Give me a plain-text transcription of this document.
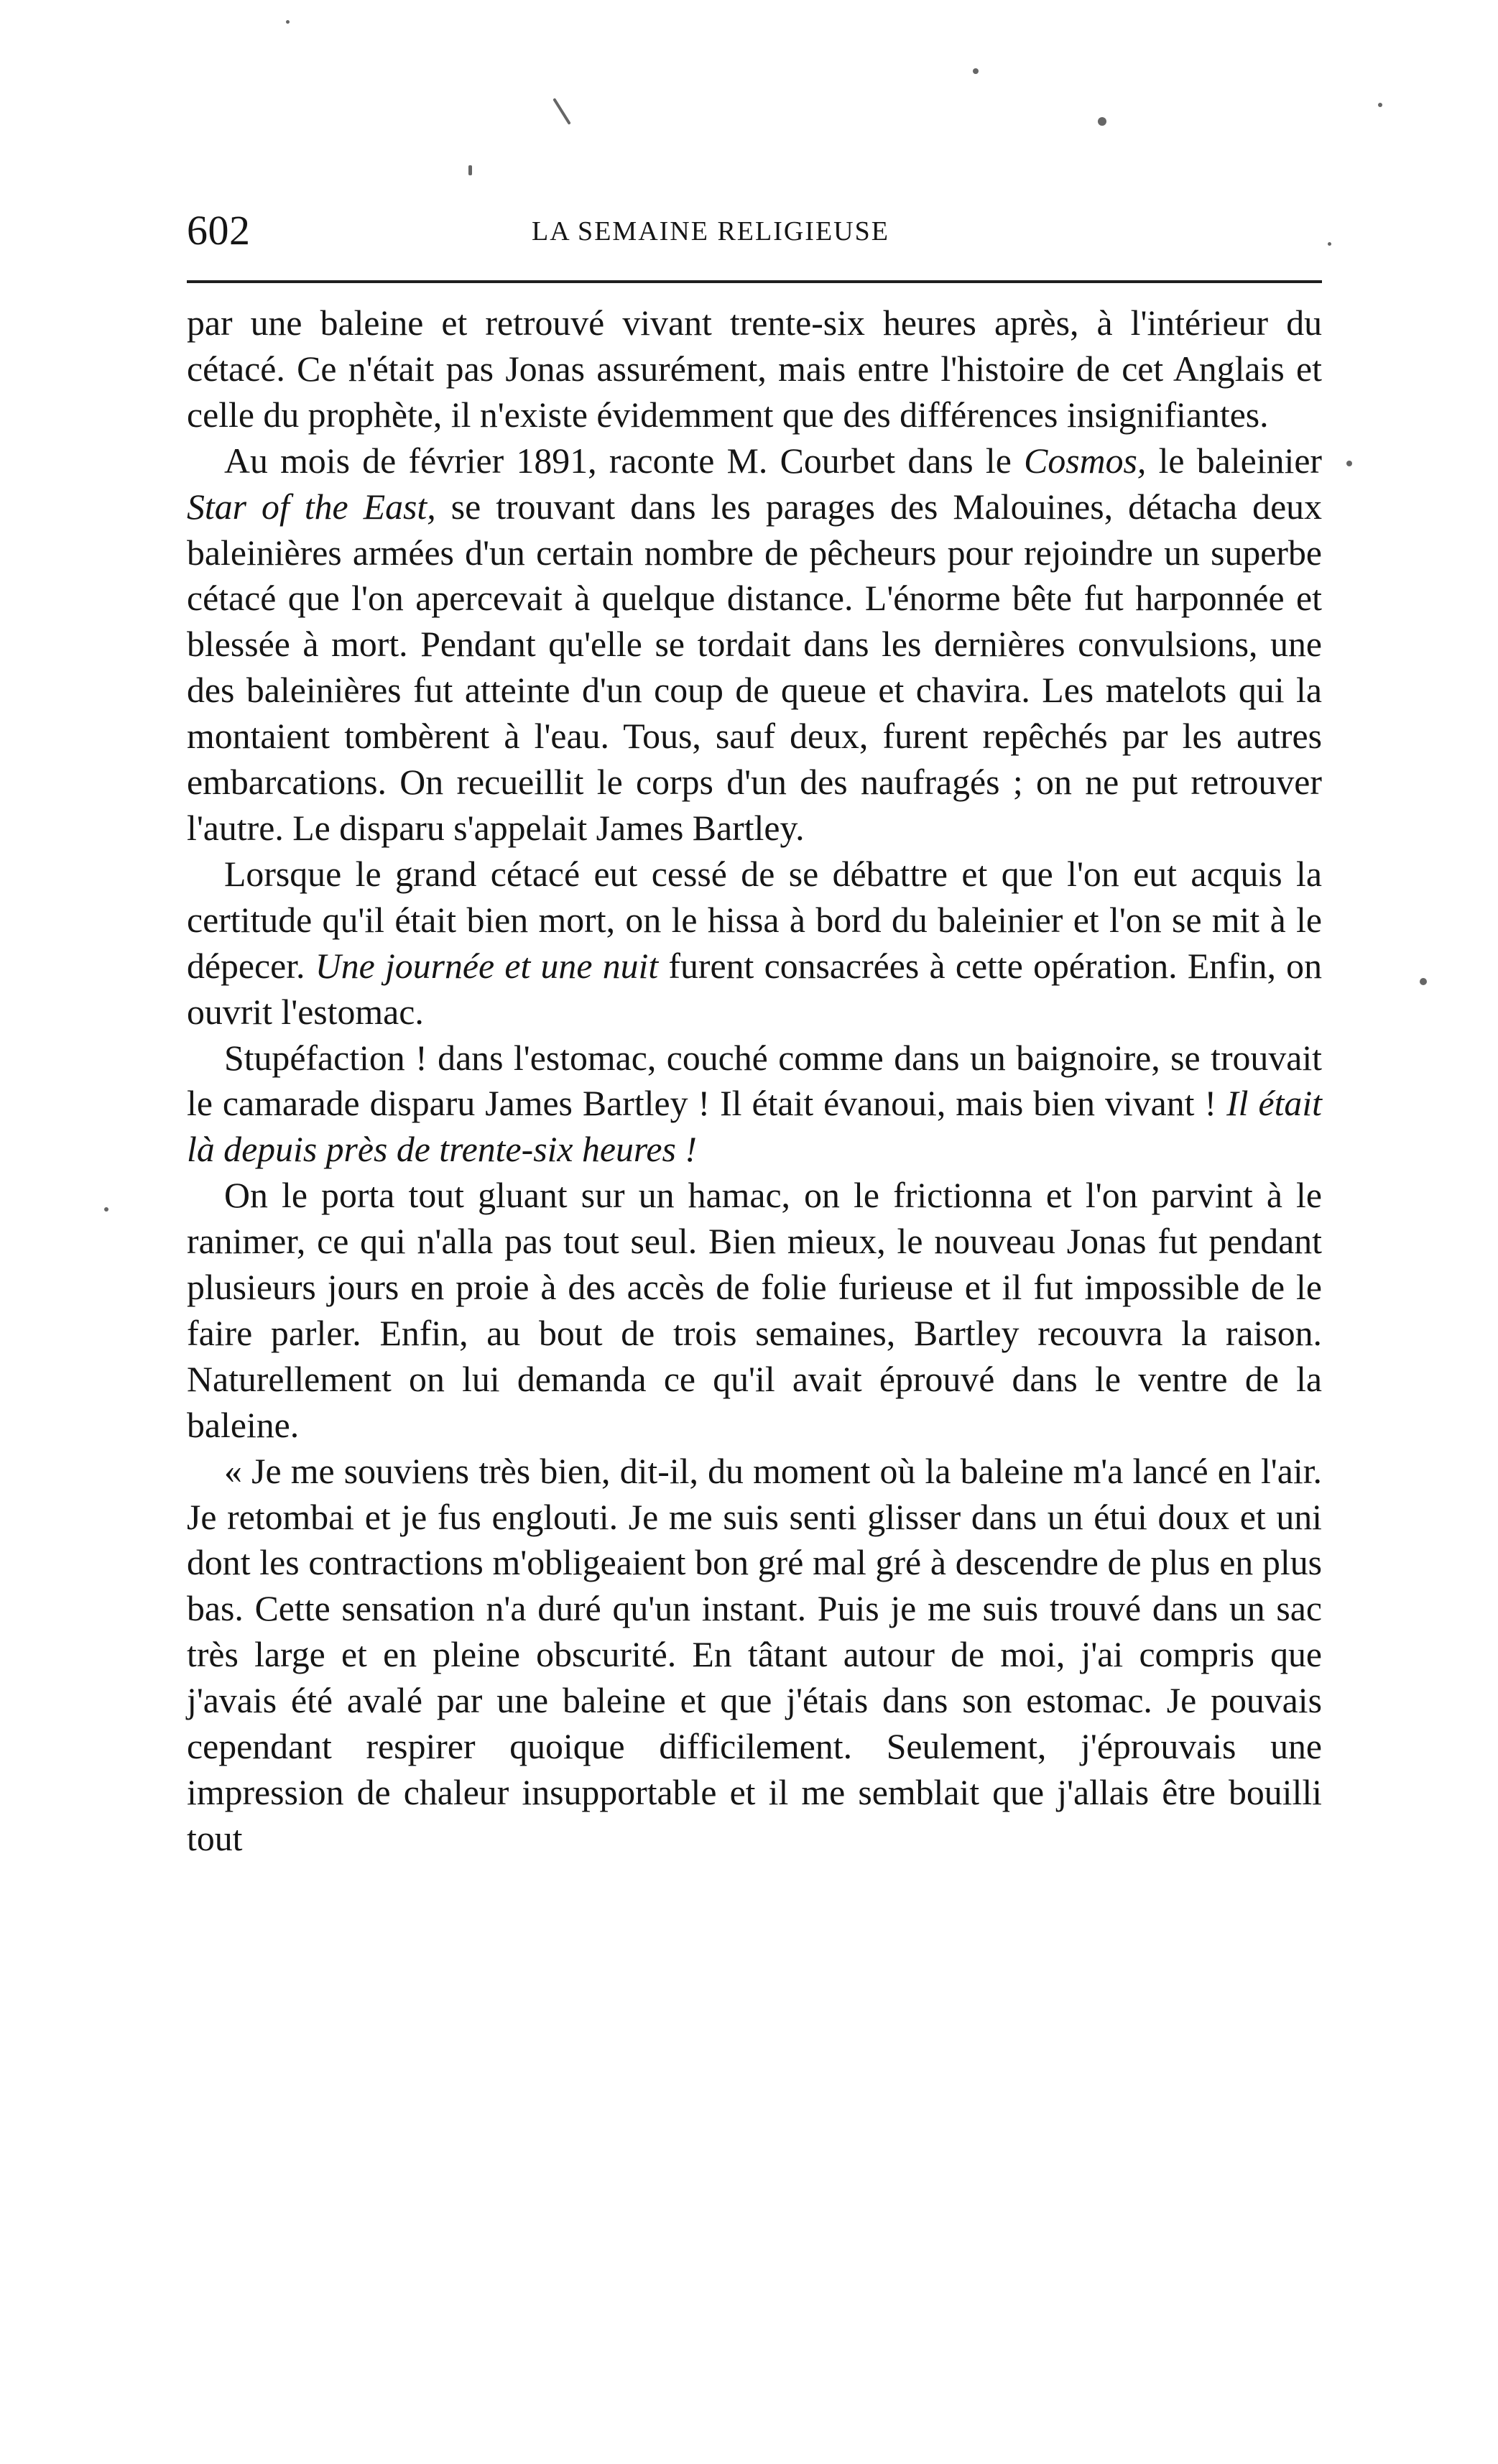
602	LA SEMAINE RELIGIEUSE

par une baleine et retrouvé vivant trente-six heures après, à l'intérieur du cétacé. Ce n'était pas Jonas assurément, mais entre l'histoire de cet Anglais et celle du prophète, il n'existe évidemment que des différences insignifiantes.

Au mois de février 1891, raconte M. Courbet dans le Cosmos, le baleinier Star of the East, se trouvant dans les parages des Malouines, détacha deux baleinières armées d'un certain nombre de pêcheurs pour rejoindre un superbe cétacé que l'on apercevait à quelque distance. L'énorme bête fut harponnée et blessée à mort. Pendant qu'elle se tordait dans les dernières convulsions, une des baleinières fut atteinte d'un coup de queue et chavira. Les matelots qui la montaient tombèrent à l'eau. Tous, sauf deux, furent repêchés par les autres embarcations. On recueillit le corps d'un des naufragés ; on ne put retrouver l'autre. Le disparu s'appelait James Bartley.

Lorsque le grand cétacé eut cessé de se débattre et que l'on eut acquis la certitude qu'il était bien mort, on le hissa à bord du baleinier et l'on se mit à le dépecer. Une journée et une nuit furent consacrées à cette opération. Enfin, on ouvrit l'estomac.

Stupéfaction ! dans l'estomac, couché comme dans un baignoire, se trouvait le camarade disparu James Bartley ! Il était évanoui, mais bien vivant ! Il était là depuis près de trente-six heures !

On le porta tout gluant sur un hamac, on le frictionna et l'on parvint à le ranimer, ce qui n'alla pas tout seul. Bien mieux, le nouveau Jonas fut pendant plusieurs jours en proie à des accès de folie furieuse et il fut impossible de le faire parler. Enfin, au bout de trois semaines, Bartley recouvra la raison. Naturellement on lui demanda ce qu'il avait éprouvé dans le ventre de la baleine.

« Je me souviens très bien, dit-il, du moment où la baleine m'a lancé en l'air. Je retombai et je fus englouti. Je me suis senti glisser dans un étui doux et uni dont les contractions m'obligeaient bon gré mal gré à descendre de plus en plus bas. Cette sensation n'a duré qu'un instant. Puis je me suis trouvé dans un sac très large et en pleine obscurité. En tâtant autour de moi, j'ai compris que j'avais été avalé par une baleine et que j'étais dans son estomac. Je pouvais cependant respirer quoique difficilement. Seulement, j'éprouvais une impression de chaleur insupportable et il me semblait que j'allais être bouilli tout
